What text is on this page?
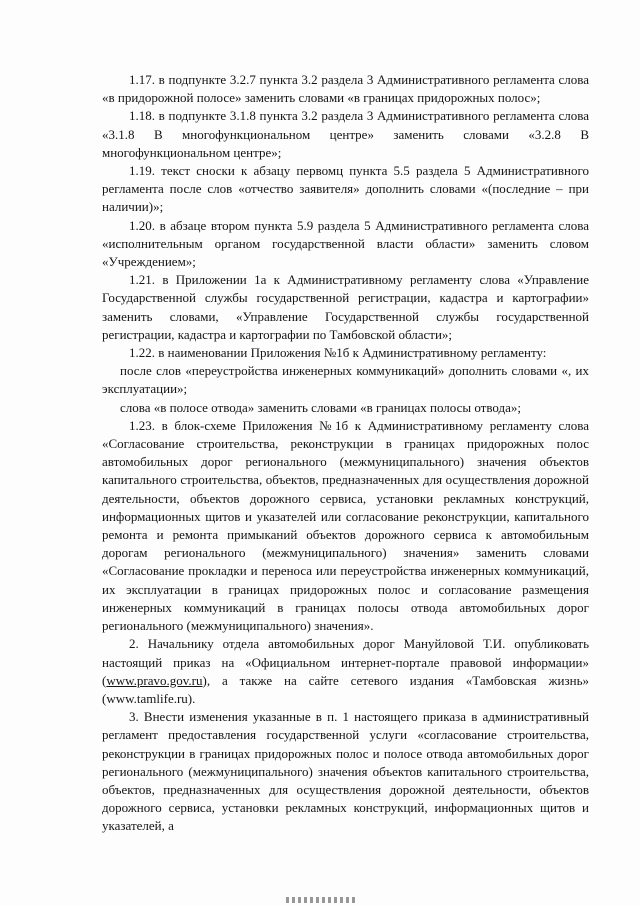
1.17. в подпункте 3.2.7 пункта 3.2 раздела 3 Административного регламента слова «в придорожной полосе» заменить словами «в границах придорожных полос»;

1.18. в подпункте 3.1.8 пункта 3.2 раздела 3 Административного регламента слова «3.1.8 В многофункциональном центре» заменить словами «3.2.8 В многофункциональном центре»;

1.19. текст сноски к абзацу первомц пункта 5.5 раздела 5 Административного регламента после слов «отчество заявителя» дополнить словами «(последние – при наличии)»;

1.20. в абзаце втором пункта 5.9 раздела 5 Административного регламента слова «исполнительным органом государственной власти области» заменить словом «Учреждением»;

1.21. в Приложении 1а к Административному регламенту слова «Управление Государственной службы государственной регистрации, кадастра и картографии» заменить словами, «Управление Государственной службы государственной регистрации, кадастра и картографии по Тамбовской области»;

1.22. в наименовании Приложения №1б к Административному регламенту:

после слов «переустройства инженерных коммуникаций» дополнить словами «, их эксплуатации»;

слова «в полосе отвода» заменить словами «в границах полосы отвода»;

1.23. в блок-схеме Приложения №1б к Административному регламенту слова «Согласование строительства, реконструкции в границах придорожных полос автомобильных дорог регионального (межмуниципального) значения объектов капитального строительства, объектов, предназначенных для осуществления дорожной деятельности, объектов дорожного сервиса, установки рекламных конструкций, информационных щитов и указателей или согласование реконструкции, капитального ремонта и ремонта примыканий объектов дорожного сервиса к автомобильным дорогам регионального (межмуниципального) значения» заменить словами «Согласование прокладки и переноса или переустройства инженерных коммуникаций, их эксплуатации в границах придорожных полос и согласование размещения инженерных коммуникаций в границах полосы отвода автомобильных дорог регионального (межмуниципального) значения».

2. Начальнику отдела автомобильных дорог Мануйловой Т.И. опубликовать настоящий приказ на «Официальном интернет-портале правовой информации» (www.pravo.gov.ru), а также на сайте сетевого издания «Тамбовская жизнь» (www.tamlife.ru).

3. Внести изменения указанные в п. 1 настоящего приказа в административный регламент предоставления государственной услуги «согласование строительства, реконструкции в границах придорожных полос и полосе отвода автомобильных дорог регионального (межмуниципального) значения объектов капитального строительства, объектов, предназначенных для осуществления дорожной деятельности, объектов дорожного сервиса, установки рекламных конструкций, информационных щитов и указателей, а
